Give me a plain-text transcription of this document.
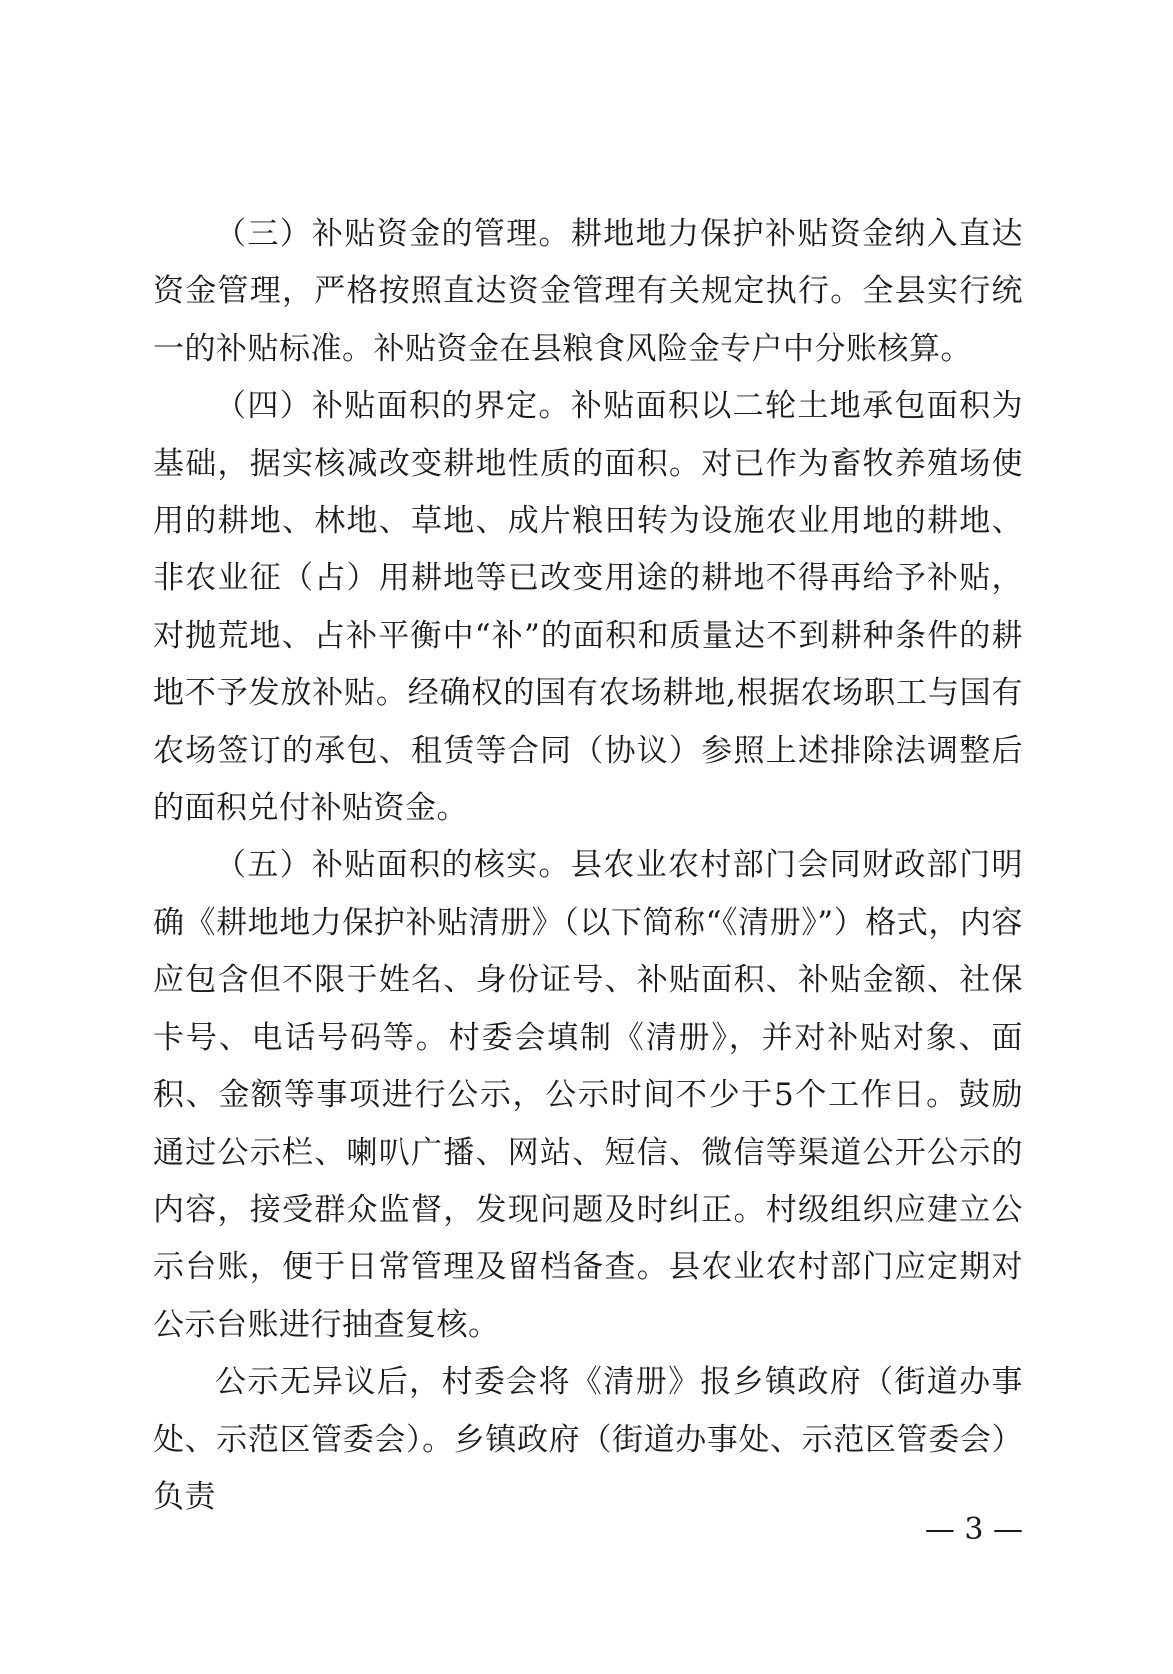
（三）补贴资金的管理。耕地地力保护补贴资金纳入直达资金管理，严格按照直达资金管理有关规定执行。全县实行统一的补贴标准。补贴资金在县粮食风险金专户中分账核算。

（四）补贴面积的界定。补贴面积以二轮土地承包面积为基础，据实核减改变耕地性质的面积。对已作为畜牧养殖场使用的耕地、林地、草地、成片粮田转为设施农业用地的耕地、非农业征（占）用耕地等已改变用途的耕地不得再给予补贴，对抛荒地、占补平衡中“补”的面积和质量达不到耕种条件的耕地不予发放补贴。经确权的国有农场耕地,根据农场职工与国有农场签订的承包、租赁等合同（协议）参照上述排除法调整后的面积兑付补贴资金。

（五）补贴面积的核实。县农业农村部门会同财政部门明确《耕地地力保护补贴清册》（以下简称“《清册》”）格式，内容应包含但不限于姓名、身份证号、补贴面积、补贴金额、社保卡号、电话号码等。村委会填制《清册》，并对补贴对象、面积、金额等事项进行公示，公示时间不少于5个工作日。鼓励通过公示栏、喇叭广播、网站、短信、微信等渠道公开公示的内容，接受群众监督，发现问题及时纠正。村级组织应建立公示台账，便于日常管理及留档备查。县农业农村部门应定期对公示台账进行抽查复核。

公示无异议后，村委会将《清册》报乡镇政府（街道办事处、示范区管委会）。乡镇政府（街道办事处、示范区管委会）负责

— 3 —
